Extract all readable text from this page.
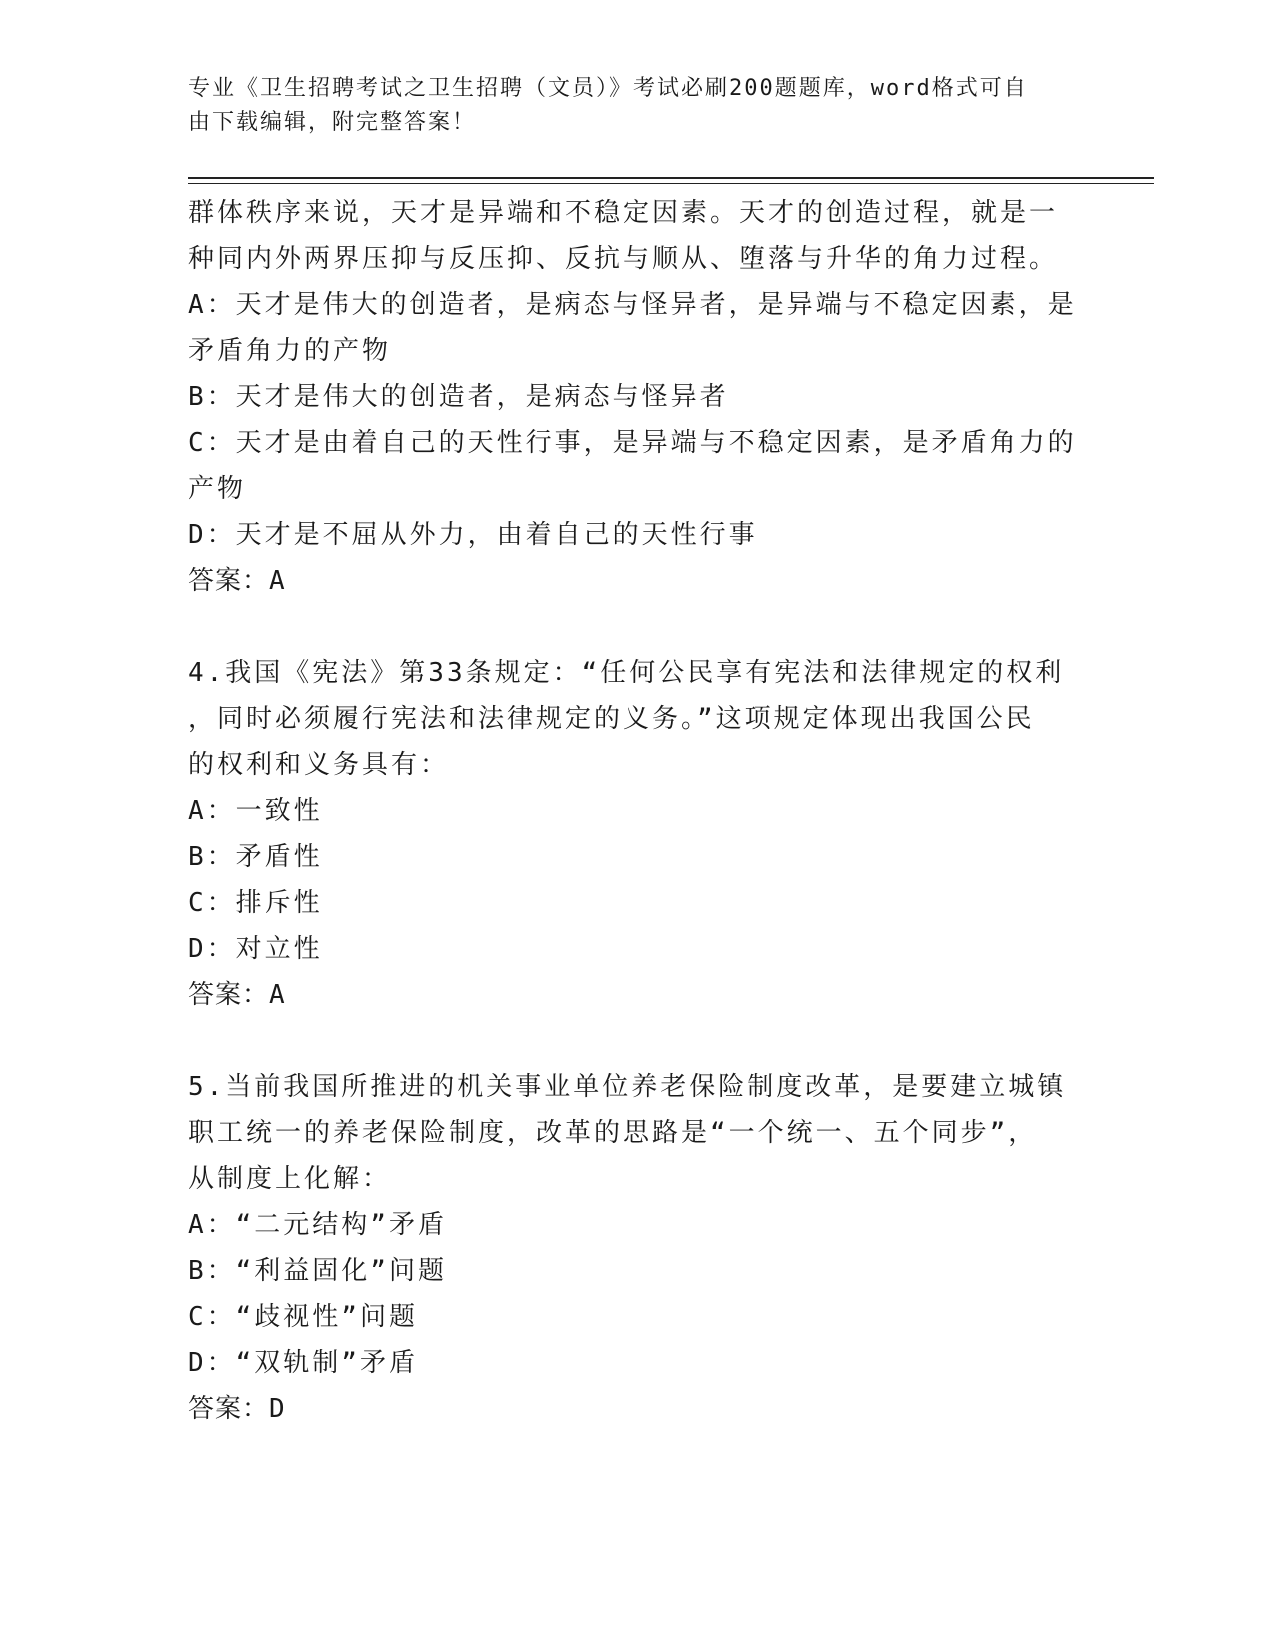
专业《卫生招聘考试之卫生招聘（文员）》考试必刷200题题库，word格式可自
由下载编辑，附完整答案！
群体秩序来说，天才是异端和不稳定因素。天才的创造过程，就是一
种同内外两界压抑与反压抑、反抗与顺从、堕落与升华的角力过程。
A：天才是伟大的创造者，是病态与怪异者，是异端与不稳定因素，是
矛盾角力的产物
B：天才是伟大的创造者，是病态与怪异者
C：天才是由着自己的天性行事，是异端与不稳定因素，是矛盾角力的
产物
D：天才是不屈从外力，由着自己的天性行事
答案：A
4.我国《宪法》第33条规定：“任何公民享有宪法和法律规定的权利
，同时必须履行宪法和法律规定的义务。”这项规定体现出我国公民
的权利和义务具有：
A：一致性
B：矛盾性
C：排斥性
D：对立性
答案：A
5.当前我国所推进的机关事业单位养老保险制度改革，是要建立城镇
职工统一的养老保险制度，改革的思路是“一个统一、五个同步”，
从制度上化解：
A：“二元结构”矛盾
B：“利益固化”问题
C：“歧视性”问题
D：“双轨制”矛盾
答案：D
